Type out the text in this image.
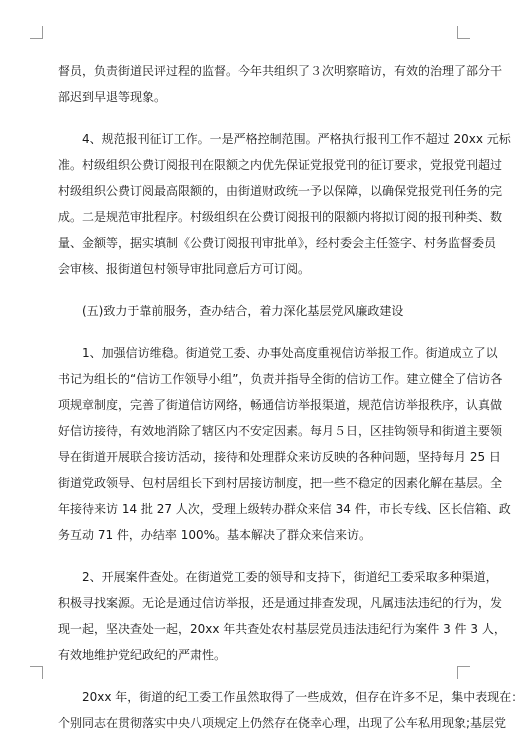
督员，负责街道民评过程的监督。今年共组织了３次明察暗访，有效的治理了部分干
部迟到早退等现象。
4、规范报刊征订工作。一是严格控制范围。严格执行报刊工作不超过 20xx 元标
准。村级组织公费订阅报刊在限额之内优先保证党报党刊的征订要求，党报党刊超过
村级组织公费订阅最高限额的，由街道财政统一予以保障，以确保党报党刊任务的完
成。二是规范审批程序。村级组织在公费订阅报刊的限额内将拟订阅的报刊种类、数
量、金额等，据实填制《公费订阅报刊审批单》，经村委会主任签字、村务监督委员
会审核、报街道包村领导审批同意后方可订阅。
(五)致力于靠前服务，查办结合，着力深化基层党风廉政建设
1、加强信访维稳。街道党工委、办事处高度重视信访举报工作。街道成立了以
书记为组长的“信访工作领导小组”，负责并指导全街的信访工作。建立健全了信访各
项规章制度，完善了街道信访网络，畅通信访举报渠道，规范信访举报秩序，认真做
好信访接待，有效地消除了辖区内不安定因素。每月５日，区挂钩领导和街道主要领
导在街道开展联合接访活动，接待和处理群众来访反映的各种问题，坚持每月 25 日
街道党政领导、包村居组长下到村居接访制度，把一些不稳定的因素化解在基层。全
年接待来访 14 批 27 人次，受理上级转办群众来信 34 件，市长专线、区长信箱、政
务互动 71 件，办结率 100%。基本解决了群众来信来访。
2、开展案件查处。在街道党工委的领导和支持下，街道纪工委采取多种渠道，
积极寻找案源。无论是通过信访举报，还是通过排查发现，凡属违法违纪的行为，发
现一起，坚决查处一起，20xx 年共查处农村基层党员违法违纪行为案件 3 件 3 人，
有效地维护党纪政纪的严肃性。
20xx 年，街道的纪工委工作虽然取得了一些成效，但存在许多不足，集中表现在：
个别同志在贯彻落实中央八项规定上仍然存在侥幸心理，出现了公车私用现象;基层党
